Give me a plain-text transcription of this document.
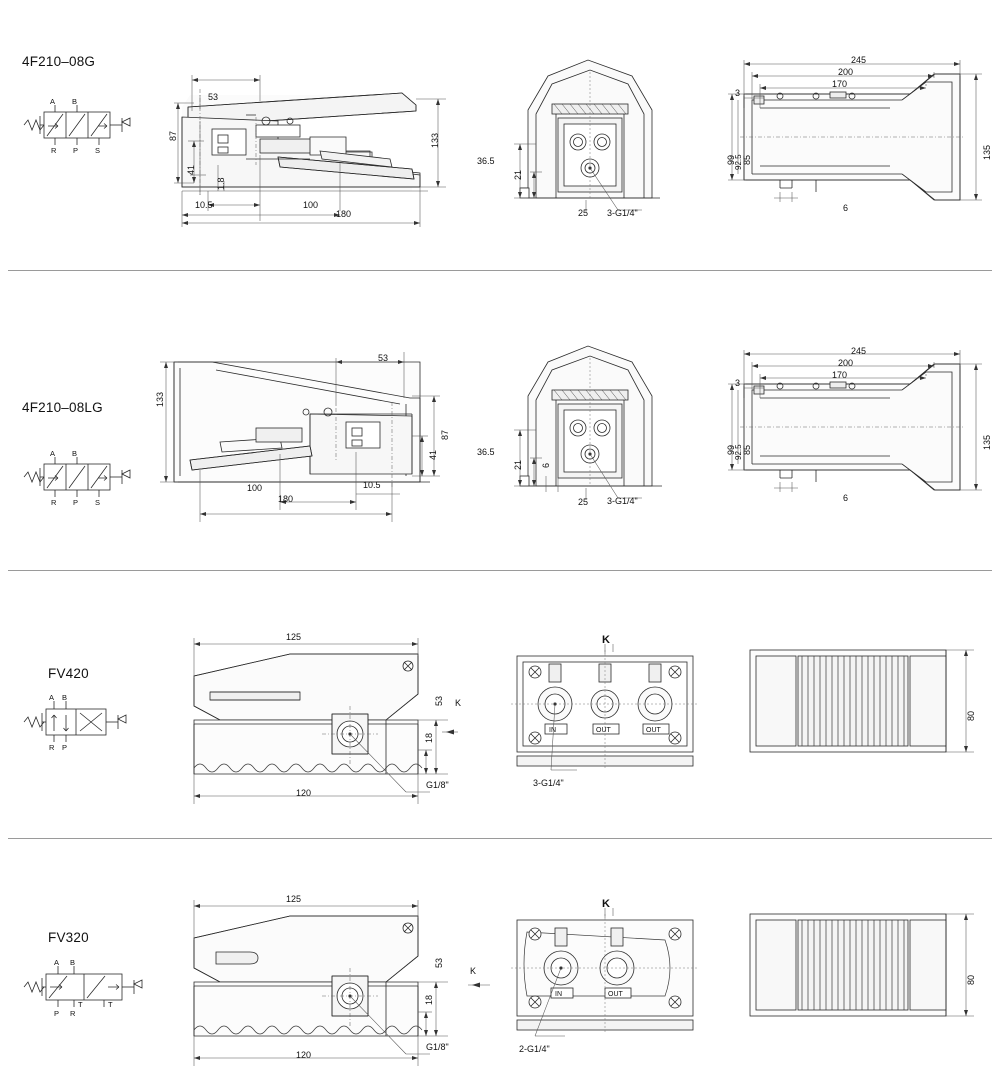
4F210–08G
A B
R P S
53
87
41
1.8
10.5	100
180
133
36.5
21
25 3-G1/4"
245
200
170
3
99
92.5 85	135
6
4F210–08LG
A B
R P S
133
53
87
41
100
180
10.5
36.5
21 6
25 3-G1/4"
245
200
170
3
99
92.5 85	135
6
FV420
A B
R P
125
53
18
120
K
G1/8"
IN	OUT	OUT
K
3-G1/4"
80
FV320
A B
P R
T	T
125
53
18
120
K
G1/8"
IN	OUT
K
2-G1/4"
80
